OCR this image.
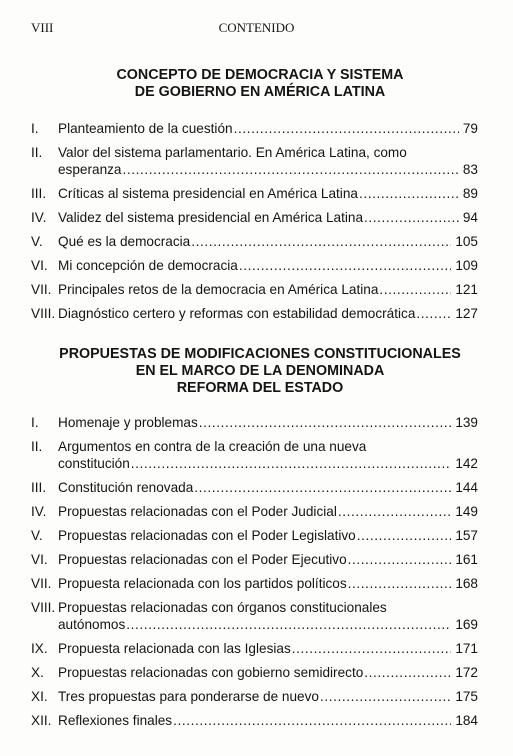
VIII	CONTENIDO
CONCEPTO DE DEMOCRACIA Y SISTEMA
DE GOBIERNO EN AMÉRICA LATINA
I. Planteamiento de la cuestión .....	79
II. Valor del sistema parlamentario. En América Latina, como
esperanza .....	83
III. Críticas al sistema presidencial en América Latina .....	89
IV. Validez del sistema presidencial en América Latina .....	94
V. Qué es la democracia .....	105
VI. Mi concepción de democracia .....	109
VII. Principales retos de la democracia en América Latina .....	121
VIII. Diagnóstico certero y reformas con estabilidad democrática .....	127
PROPUESTAS DE MODIFICACIONES CONSTITUCIONALES
EN EL MARCO DE LA DENOMINADA
REFORMA DEL ESTADO
I. Homenaje y problemas .....	139
II. Argumentos en contra de la creación de una nueva
constitución .....	142
III. Constitución renovada .....	144
IV. Propuestas relacionadas con el Poder Judicial .....	149
V. Propuestas relacionadas con el Poder Legislativo .....	157
VI. Propuestas relacionadas con el Poder Ejecutivo .....	161
VII. Propuesta relacionada con los partidos políticos .....	168
VIII. Propuestas relacionadas con órganos constitucionales
autónomos .....	169
IX. Propuesta relacionada con las Iglesias .....	171
X. Propuestas relacionadas con gobierno semidirecto .....	172
XI. Tres propuestas para ponderarse de nuevo .....	175
XII. Reflexiones finales .....	184
